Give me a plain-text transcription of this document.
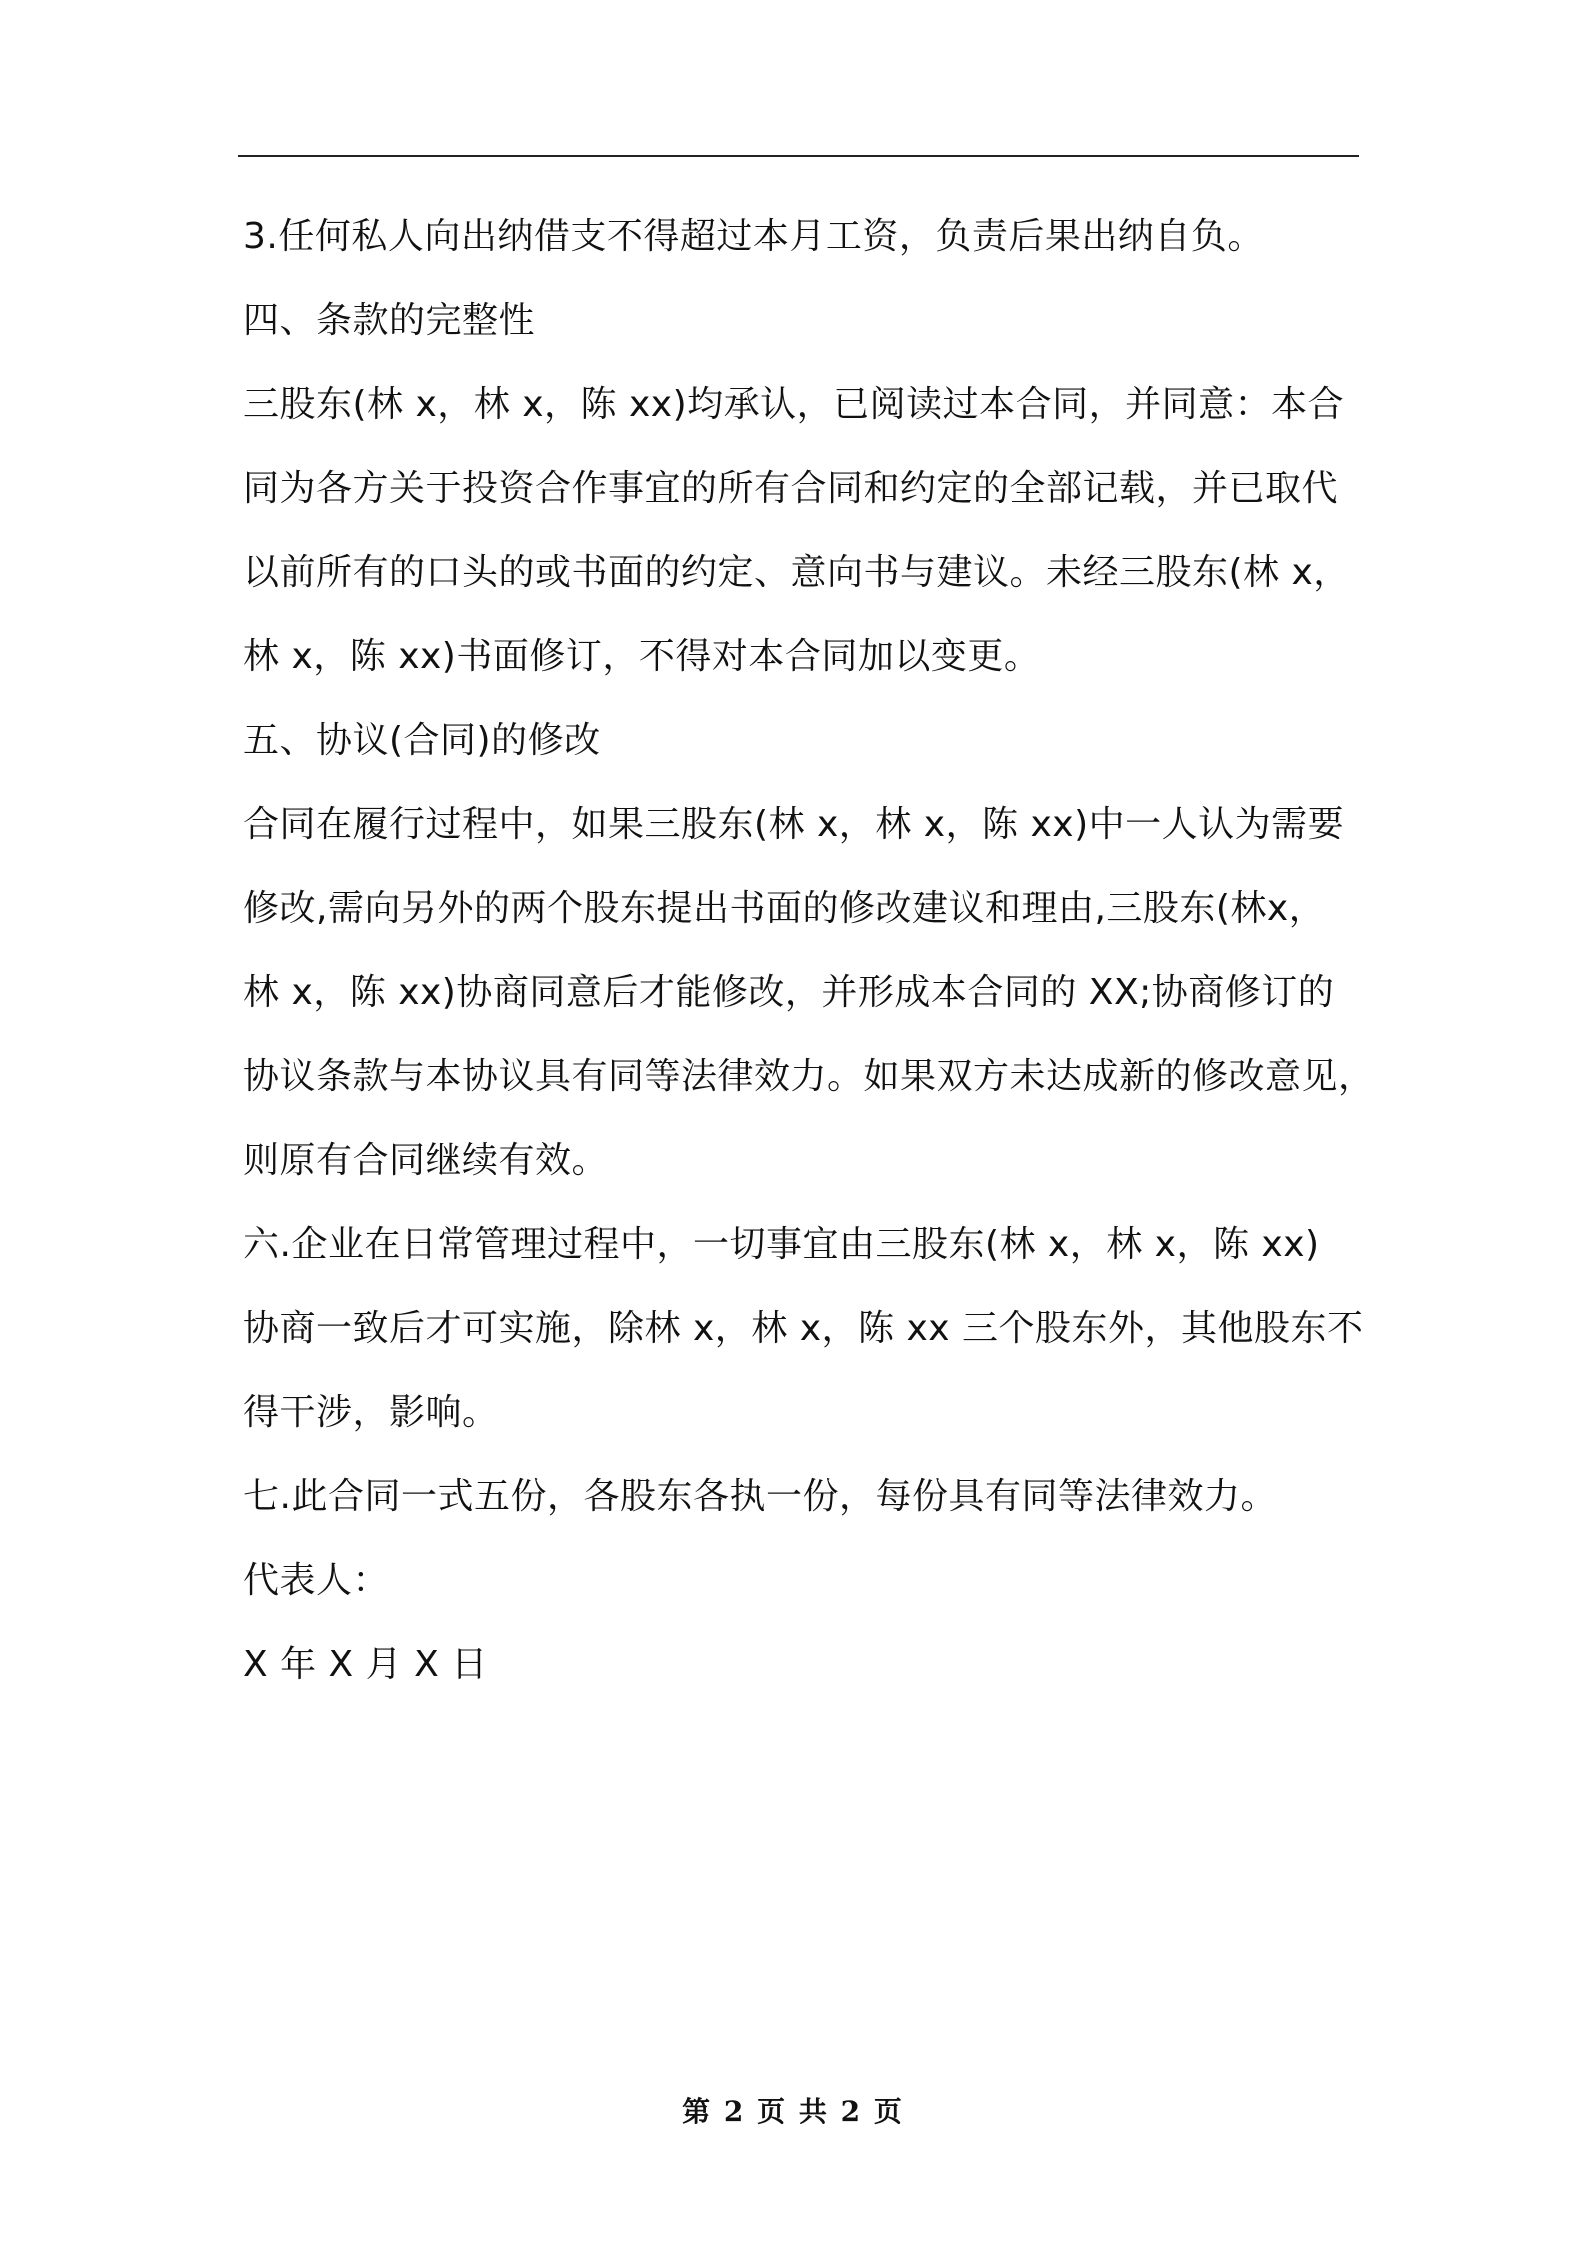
3.任何私人向出纳借支不得超过本月工资，负责后果出纳自负。
四、条款的完整性
三股东(林 x，林 x，陈 xx)均承认，已阅读过本合同，并同意：本合
同为各方关于投资合作事宜的所有合同和约定的全部记载，并已取代
以前所有的口头的或书面的约定、意向书与建议。未经三股东(林 x，
林 x，陈 xx)书面修订，不得对本合同加以变更。
五、协议(合同)的修改
合同在履行过程中，如果三股东(林 x，林 x，陈 xx)中一人认为需要
修改,需向另外的两个股东提出书面的修改建议和理由,三股东(林x，
林 x，陈 xx)协商同意后才能修改，并形成本合同的 XX;协商修订的
协议条款与本协议具有同等法律效力。如果双方未达成新的修改意见，
则原有合同继续有效。
六.企业在日常管理过程中，一切事宜由三股东(林 x，林 x，陈 xx)
协商一致后才可实施，除林 x，林 x，陈 xx 三个股东外，其他股东不
得干涉，影响。
七.此合同一式五份，各股东各执一份，每份具有同等法律效力。
代表人：
X 年 X 月 X 日
第 2 页 共 2 页
